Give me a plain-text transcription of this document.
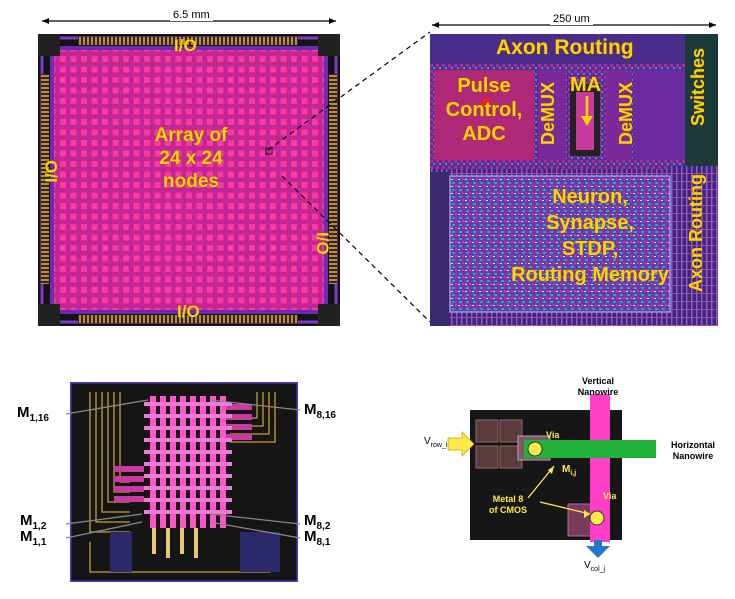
6.5 mm
I/O
I/O
I/O
I/O
Array of
24 x 24
nodes
250 um
Axon Routing
Switches
Pulse
Control,
ADC	DeMUX MA DeMUX
Neuron,
Synapse,
STDP,
Routing Memory Axon Routing
$M_{1,16}$
$M_{8,16}$
$M_{1,2}$
$M_{1,1}$
$M_{8,2}$
$M_{8,1}$
Vertical
Nanowire
Horizontal
Nanowire
Via
Via
$M_{i,j}$
Metal 8
of CMOS
$V_{row\_i}$
$V_{col\_j}$
